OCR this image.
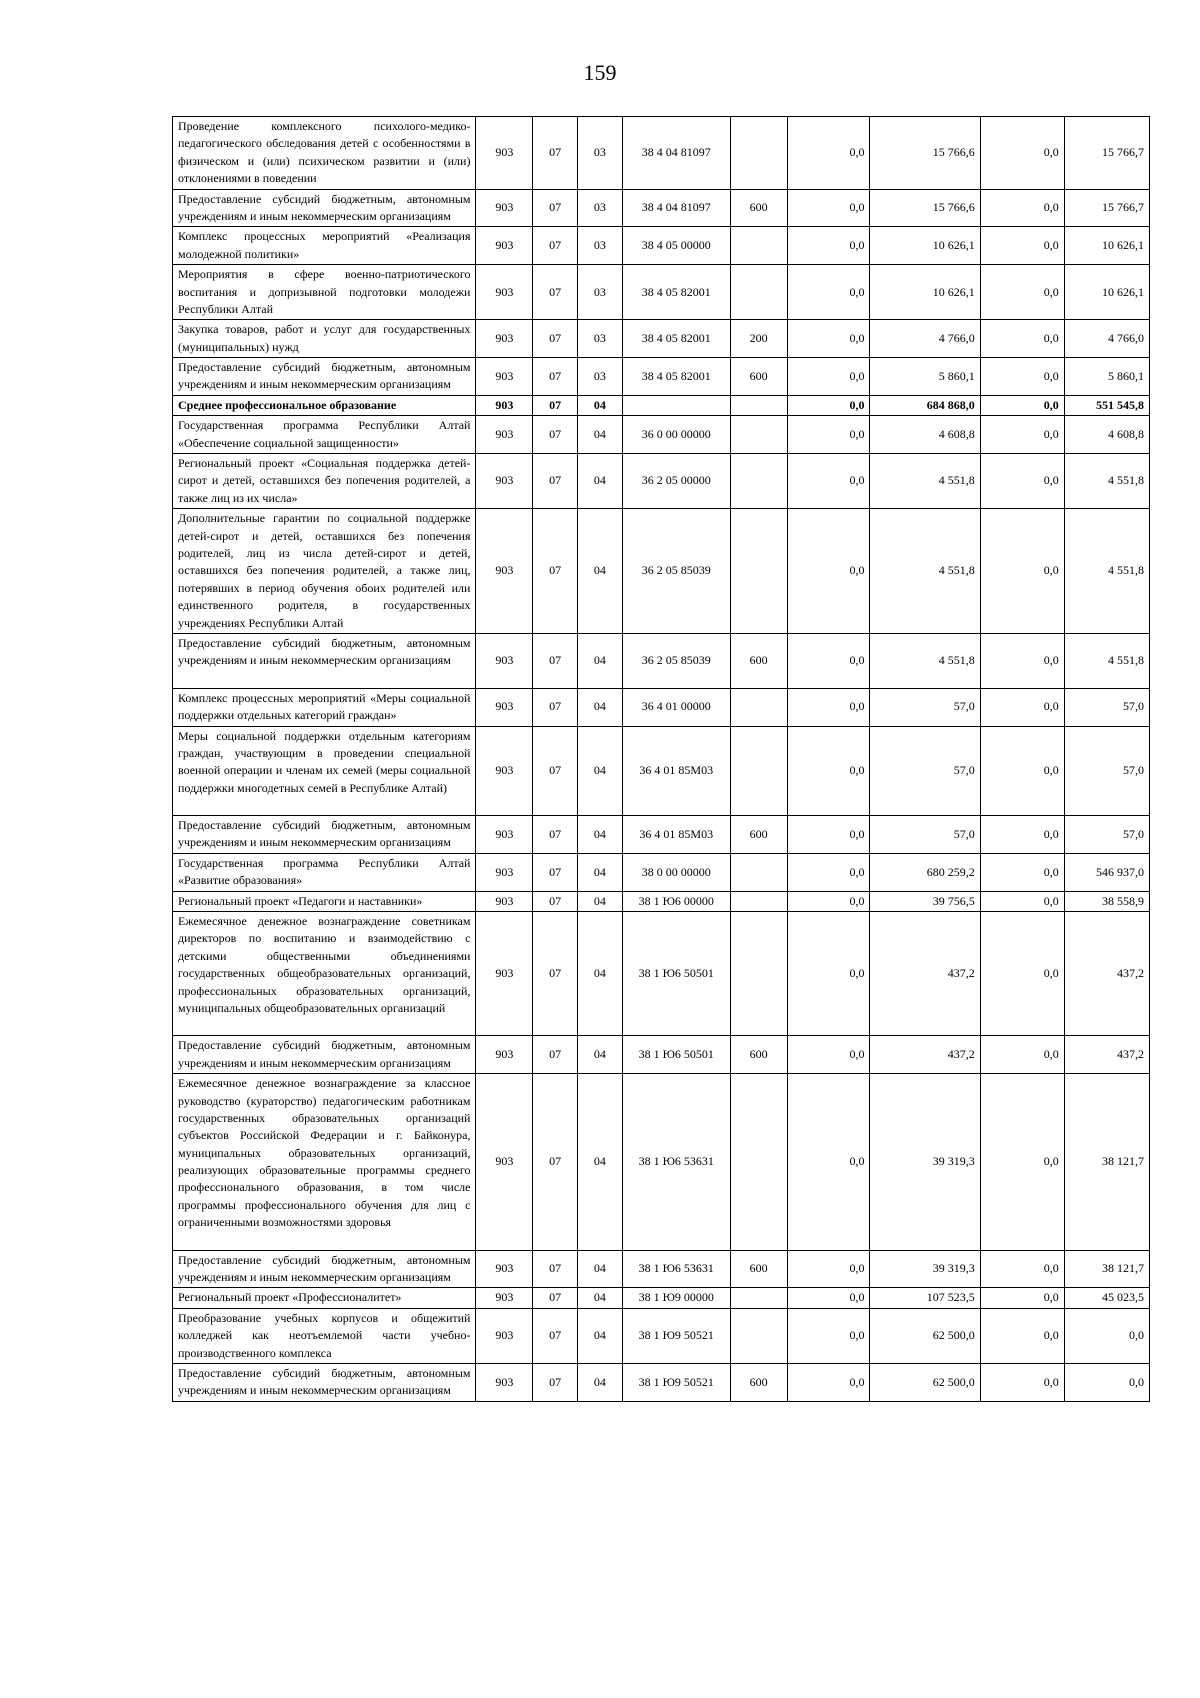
159
Проведение комплексного психолого-медико-педагогического обследования детей с особенностями в физическом и (или) психическом развитии и (или) отклонениями в поведении	903	07	03	38 4 04 81097		0,0	15 766,6	0,0	15 766,7
Предоставление субсидий бюджетным, автономным учреждениям и иным некоммерческим организациям	903	07	03	38 4 04 81097	600	0,0	15 766,6	0,0	15 766,7
Комплекс процессных мероприятий «Реализация молодежной политики»	903	07	03	38 4 05 00000		0,0	10 626,1	0,0	10 626,1
Мероприятия в сфере военно-патриотического воспитания и допризывной подготовки молодежи Республики Алтай	903	07	03	38 4 05 82001		0,0	10 626,1	0,0	10 626,1
Закупка товаров, работ и услуг для государственных (муниципальных) нужд	903	07	03	38 4 05 82001	200	0,0	4 766,0	0,0	4 766,0
Предоставление субсидий бюджетным, автономным учреждениям и иным некоммерческим организациям	903	07	03	38 4 05 82001	600	0,0	5 860,1	0,0	5 860,1
Среднее профессиональное образование	903	07	04			0,0	684 868,0	0,0	551 545,8
Государственная программа Республики Алтай «Обеспечение социальной защищенности»	903	07	04	36 0 00 00000		0,0	4 608,8	0,0	4 608,8
Региональный проект «Социальная поддержка детей-сирот и детей, оставшихся без попечения родителей, а также лиц из их числа»	903	07	04	36 2 05 00000		0,0	4 551,8	0,0	4 551,8
Дополнительные гарантии по социальной поддержке детей-сирот и детей, оставшихся без попечения родителей, лиц из числа детей-сирот и детей, оставшихся без попечения родителей, а также лиц, потерявших в период обучения обоих родителей или единственного родителя, в государственных учреждениях Республики Алтай	903	07	04	36 2 05 85039		0,0	4 551,8	0,0	4 551,8
Предоставление субсидий бюджетным, автономным учреждениям и иным некоммерческим организациям	903	07	04	36 2 05 85039	600	0,0	4 551,8	0,0	4 551,8
Комплекс процессных мероприятий «Меры социальной поддержки отдельных категорий граждан»	903	07	04	36 4 01 00000		0,0	57,0	0,0	57,0
Меры социальной поддержки отдельным категориям граждан, участвующим в проведении специальной военной операции и членам их семей (меры социальной поддержки многодетных семей в Республике Алтай)	903	07	04	36 4 01 85М03		0,0	57,0	0,0	57,0
Предоставление субсидий бюджетным, автономным учреждениям и иным некоммерческим организациям	903	07	04	36 4 01 85М03	600	0,0	57,0	0,0	57,0
Государственная программа Республики Алтай «Развитие образования»	903	07	04	38 0 00 00000		0,0	680 259,2	0,0	546 937,0
Региональный проект «Педагоги и наставники»	903	07	04	38 1 Ю6 00000		0,0	39 756,5	0,0	38 558,9
Ежемесячное денежное вознаграждение советникам директоров по воспитанию и взаимодействию с детскими общественными объединениями государственных общеобразовательных организаций, профессиональных образовательных организаций, муниципальных общеобразовательных организаций	903	07	04	38 1 Ю6 50501		0,0	437,2	0,0	437,2
Предоставление субсидий бюджетным, автономным учреждениям и иным некоммерческим организациям	903	07	04	38 1 Ю6 50501	600	0,0	437,2	0,0	437,2
Ежемесячное денежное вознаграждение за классное руководство (кураторство) педагогическим работникам государственных образовательных организаций субъектов Российской Федерации и г. Байконура, муниципальных образовательных организаций, реализующих образовательные программы среднего профессионального образования, в том числе программы профессионального обучения для лиц с ограниченными возможностями здоровья	903	07	04	38 1 Ю6 53631		0,0	39 319,3	0,0	38 121,7
Предоставление субсидий бюджетным, автономным учреждениям и иным некоммерческим организациям	903	07	04	38 1 Ю6 53631	600	0,0	39 319,3	0,0	38 121,7
Региональный проект «Профессионалитет»	903	07	04	38 1 Ю9 00000		0,0	107 523,5	0,0	45 023,5
Преобразование учебных корпусов и общежитий колледжей как неотъемлемой части учебно-производственного комплекса	903	07	04	38 1 Ю9 50521		0,0	62 500,0	0,0	0,0
Предоставление субсидий бюджетным, автономным учреждениям и иным некоммерческим организациям	903	07	04	38 1 Ю9 50521	600	0,0	62 500,0	0,0	0,0
